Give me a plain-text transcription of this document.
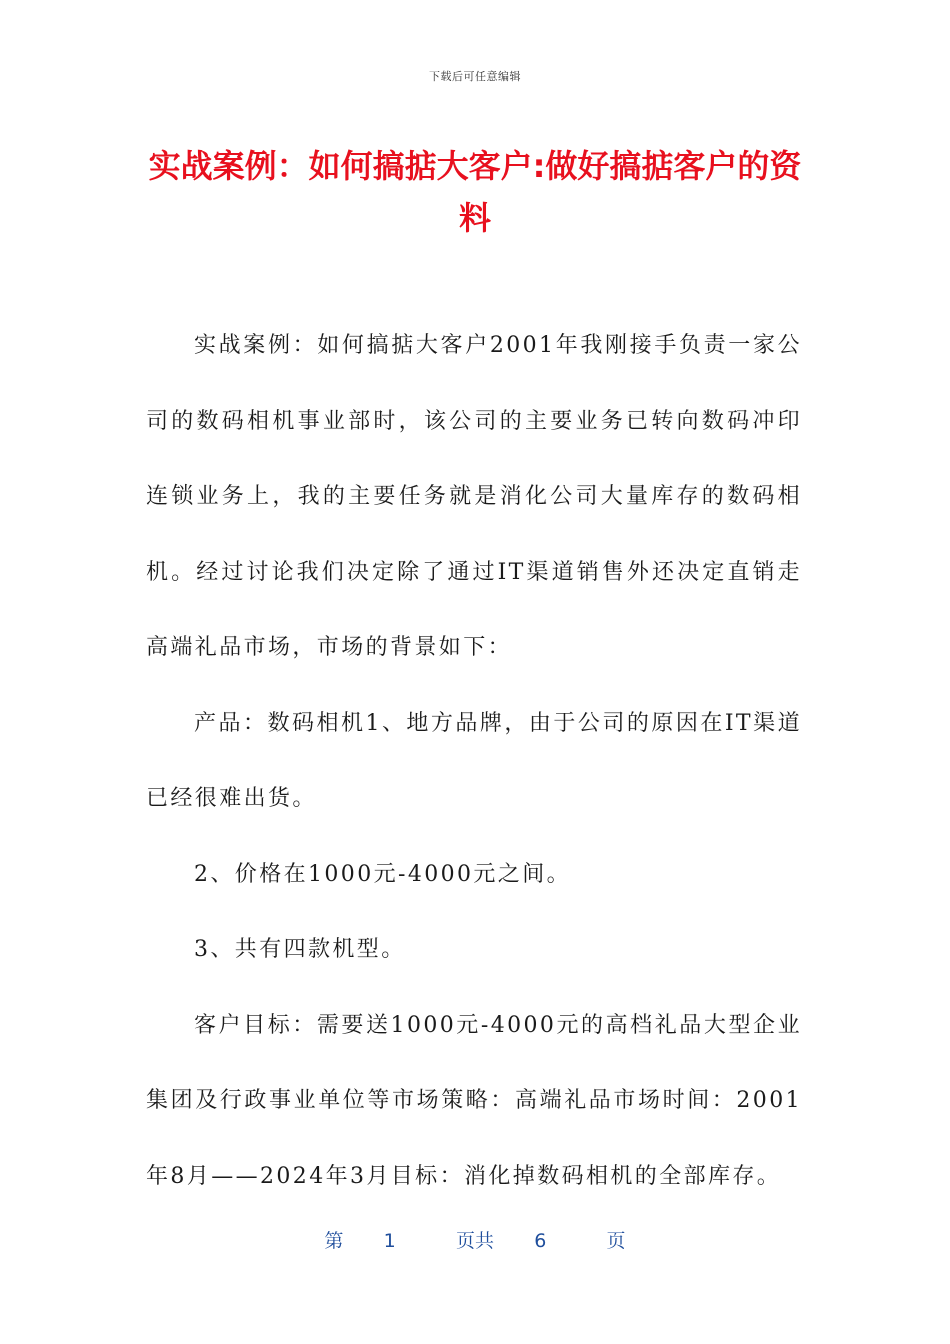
下载后可任意编辑
实战案例：如何搞掂大客户:做好搞掂客户的资料

实战案例：如何搞掂大客户2001年我刚接手负责一家公司的数码相机事业部时，该公司的主要业务已转向数码冲印连锁业务上，我的主要任务就是消化公司大量库存的数码相机。经过讨论我们决定除了通过IT渠道销售外还决定直销走高端礼品市场，市场的背景如下：

产品：数码相机1、地方品牌，由于公司的原因在IT渠道已经很难出货。

2、价格在1000元-4000元之间。

3、共有四款机型。

客户目标：需要送1000元-4000元的高档礼品大型企业集团及行政事业单位等市场策略：高端礼品市场时间：2001年8月——2024年3月目标：消化掉数码相机的全部库存。

第 1	页共 6	页
